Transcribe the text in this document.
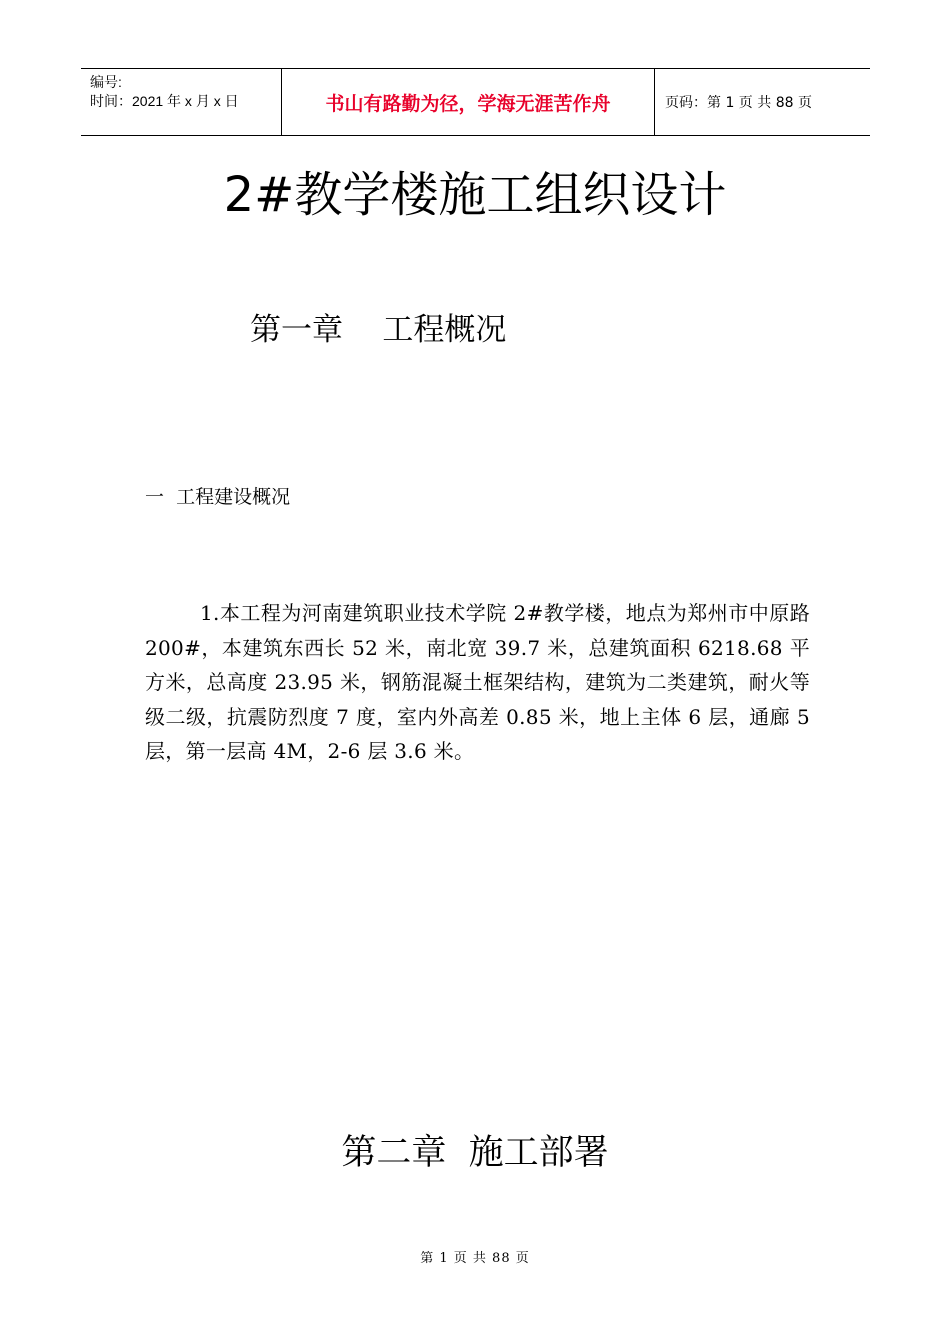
编号:
时间：2021 年 x 月 x 日	书山有路勤为径，学海无涯苦作舟	页码：第 1 页 共 88 页
2#教学楼施工组织设计
第一章    工程概况
一  工程建设概况
1.本工程为河南建筑职业技术学院 2#教学楼，地点为郑州市中原路 200#，本建筑东西长 52 米，南北宽 39.7 米，总建筑面积 6218.68 平方米，总高度 23.95 米，钢筋混凝土框架结构，建筑为二类建筑，耐火等级二级，抗震防烈度 7 度，室内外高差 0.85 米，地上主体 6 层，通廊 5 层，第一层高 4M，2-6 层 3.6 米。
第二章  施工部署
第 1 页 共 88 页
